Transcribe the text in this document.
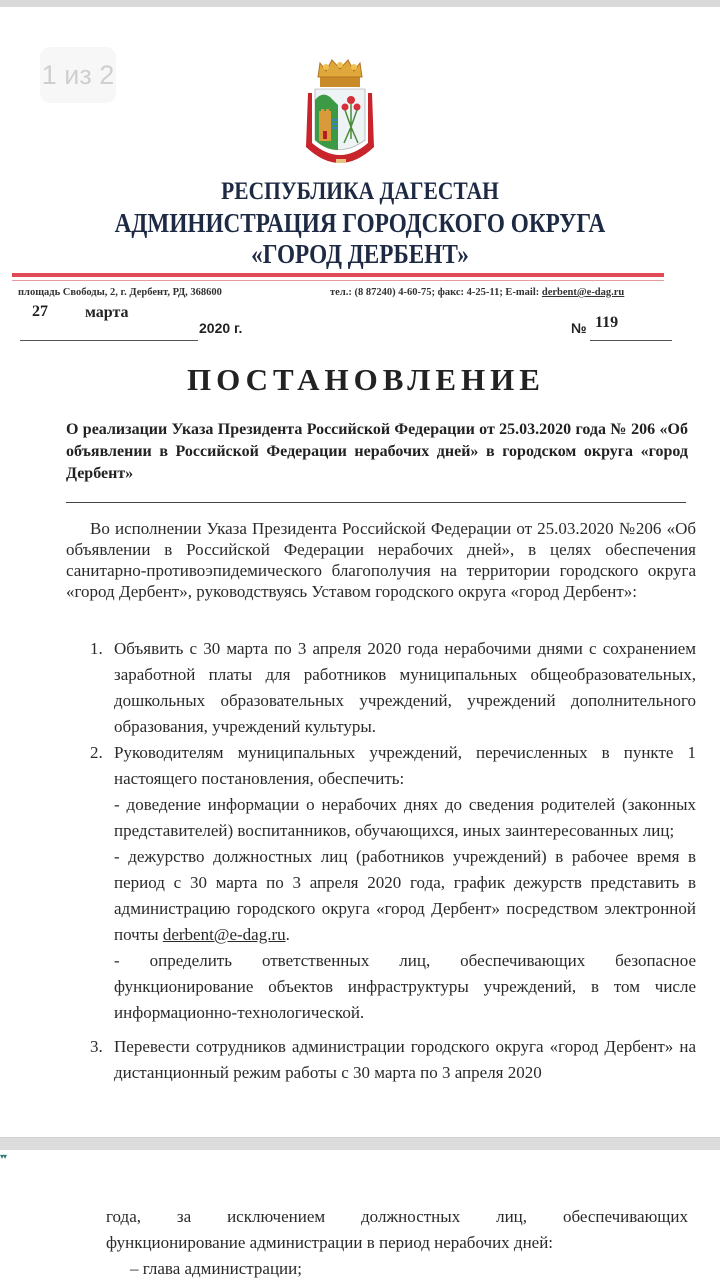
1 из 2
РЕСПУБЛИКА ДАГЕСТАН
АДМИНИСТРАЦИЯ ГОРОДСКОГО ОКРУГА
«ГОРОД ДЕРБЕНТ»
площадь Свободы, 2, г. Дербент, РД, 368600	тел.: (8 87240) 4-60-75; факс: 4-25-11; E-mail: derbent@e-dag.ru
27 марта
2020 г.	№ 119
ПОСТАНОВЛЕНИЕ
О реализации Указа Президента Российской Федерации от 25.03.2020 года № 206 «Об объявлении в Российской Федерации нерабочих дней» в городском округа «город Дербент»
Во исполнении Указа Президента Российской Федерации от 25.03.2020 №206 «Об объявлении в Российской Федерации нерабочих дней», в целях обеспечения санитарно-противоэпидемического благополучия на территории городского округа «город Дербент», руководствуясь Уставом городского округа «город Дербент»:
1. Объявить с 30 марта по 3 апреля 2020 года нерабочими днями с сохранением заработной платы для работников муниципальных общеобразовательных, дошкольных образовательных учреждений, учреждений дополнительного образования, учреждений культуры.
2. Руководителям муниципальных учреждений, перечисленных в пункте 1 настоящего постановления, обеспечить:
- доведение информации о нерабочих днях до сведения родителей (законных представителей) воспитанников, обучающихся, иных заинтересованных лиц;
- дежурство должностных лиц (работников учреждений) в рабочее время в период с 30 марта по 3 апреля 2020 года, график дежурств представить в администрацию городского округа «город Дербент» посредством электронной почты derbent@e-dag.ru.
- определить ответственных лиц, обеспечивающих безопасное функционирование объектов инфраструктуры учреждений, в том числе информационно-технологической.
3. Перевести сотрудников администрации городского округа «город Дербент» на дистанционный режим работы с 30 марта по 3 апреля 2020
▾▾
года, за исключением должностных лиц, обеспечивающих
функционирование администрации в период нерабочих дней:
– глава администрации;
